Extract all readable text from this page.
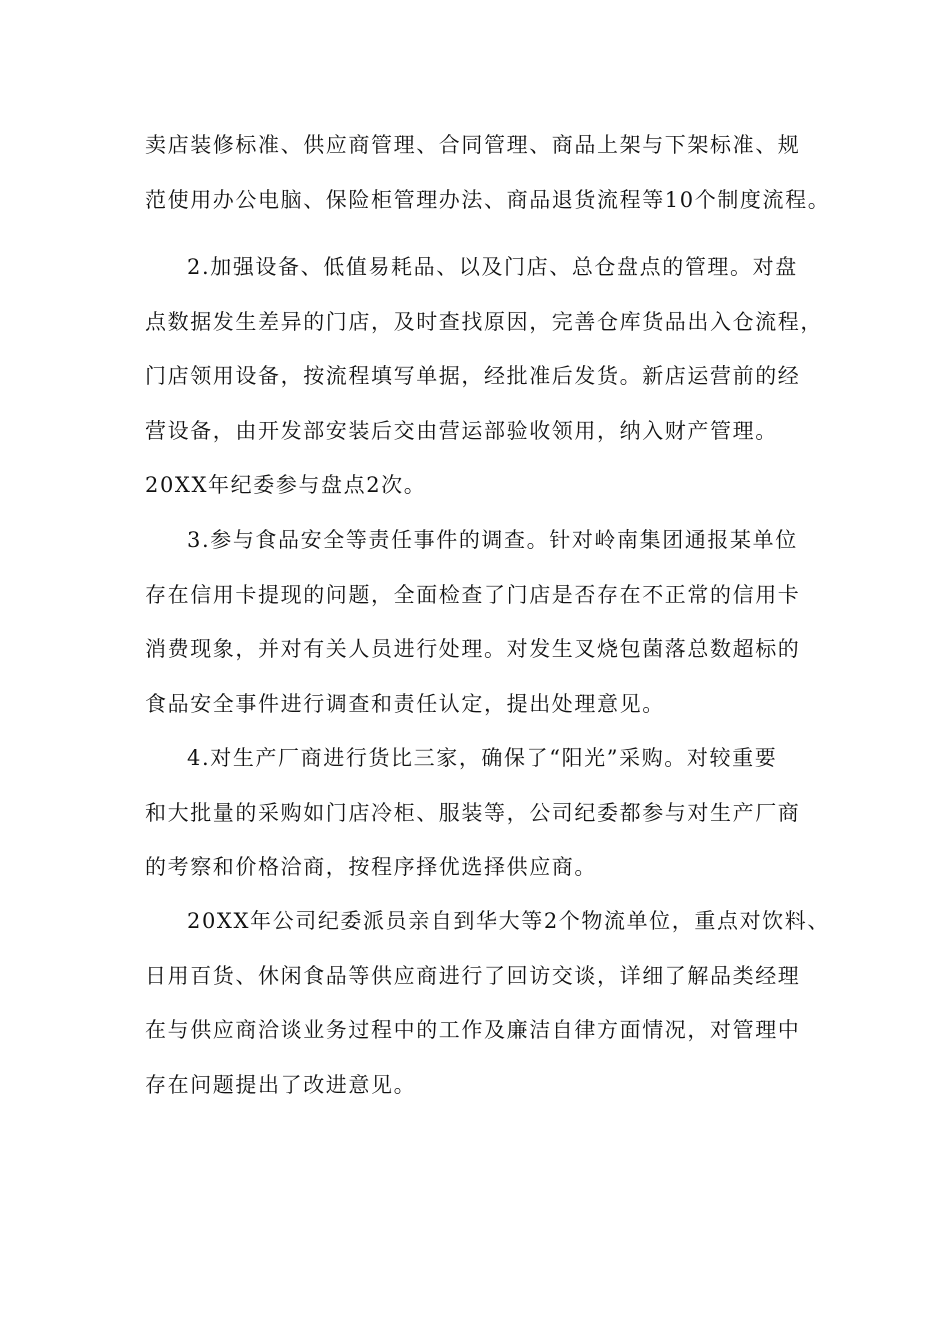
卖店装修标准、供应商管理、合同管理、商品上架与下架标准、规

范使用办公电脑、保险柜管理办法、商品退货流程等10个制度流程。

2.加强设备、低值易耗品、以及门店、总仓盘点的管理。对盘

点数据发生差异的门店，及时查找原因，完善仓库货品出入仓流程，

门店领用设备，按流程填写单据，经批准后发货。新店运营前的经

营设备，由开发部安装后交由营运部验收领用，纳入财产管理。

20XX年纪委参与盘点2次。

3.参与食品安全等责任事件的调查。针对岭南集团通报某单位

存在信用卡提现的问题，全面检查了门店是否存在不正常的信用卡

消费现象，并对有关人员进行处理。对发生叉烧包菌落总数超标的

食品安全事件进行调查和责任认定，提出处理意见。

4.对生产厂商进行货比三家，确保了“阳光”采购。对较重要

和大批量的采购如门店冷柜、服装等，公司纪委都参与对生产厂商

的考察和价格洽商，按程序择优选择供应商。

20XX年公司纪委派员亲自到华大等2个物流单位，重点对饮料、

日用百货、休闲食品等供应商进行了回访交谈，详细了解品类经理

在与供应商洽谈业务过程中的工作及廉洁自律方面情况，对管理中

存在问题提出了改进意见。
